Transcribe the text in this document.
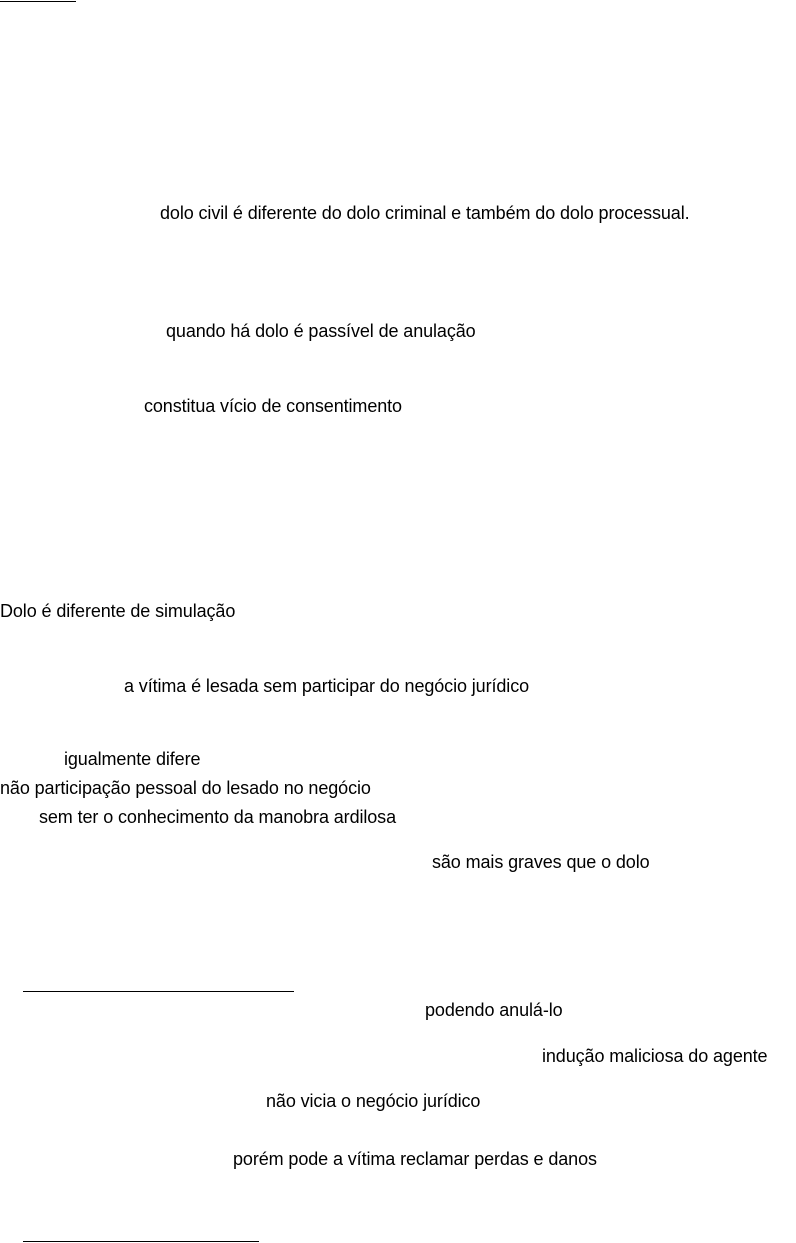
dolo civil é diferente do dolo criminal e também do dolo processual.
quando há dolo é passível de anulação
constitua vício de consentimento
Dolo é diferente de simulação
a vítima é lesada sem participar do negócio jurídico
igualmente difere
não participação pessoal do lesado no negócio
sem ter o conhecimento da manobra ardilosa
são mais graves que o dolo
podendo anulá-lo
indução maliciosa do agente
não vicia o negócio jurídico
porém pode a vítima reclamar perdas e danos
